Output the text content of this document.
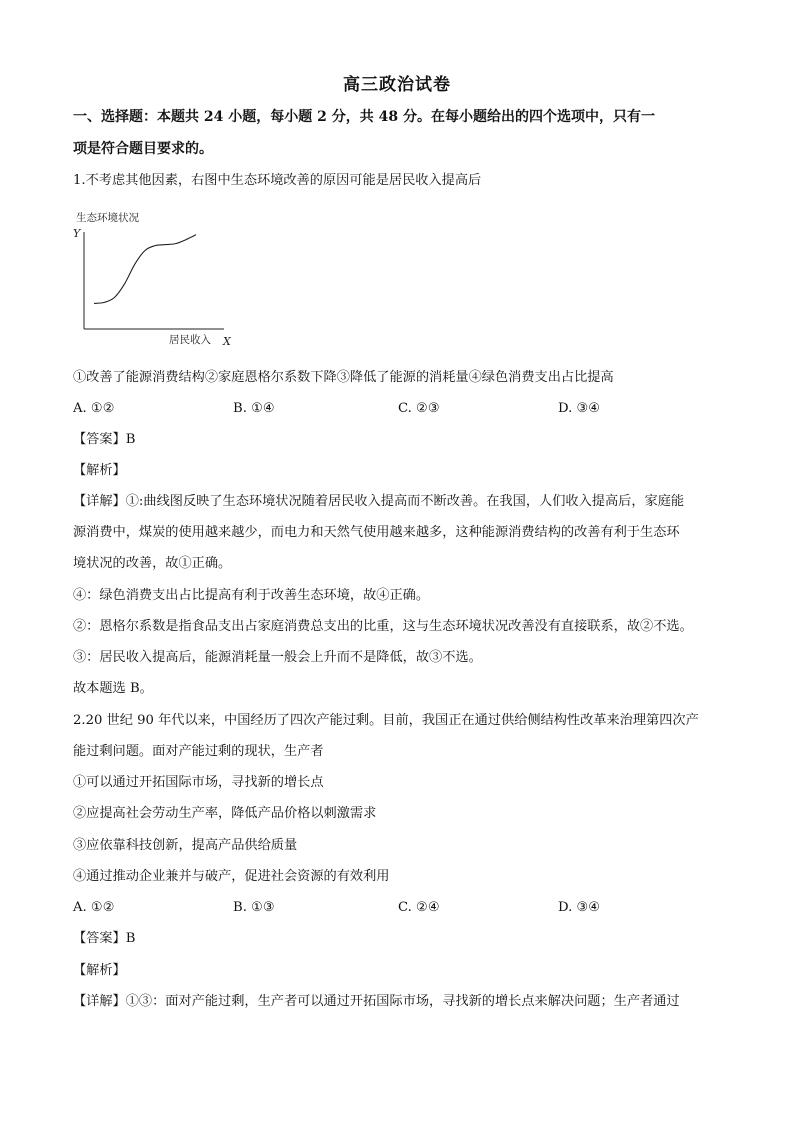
高三政治试卷
一、选择题：本题共 24 小题，每小题 2 分，共 48 分。在每小题给出的四个选项中，只有一
项是符合题目要求的。
1.不考虑其他因素，右图中生态环境改善的原因可能是居民收入提高后
生态环境状况
Y
居民收入 X
①改善了能源消费结构②家庭恩格尔系数下降③降低了能源的消耗量④绿色消费支出占比提高
A. ①②	B. ①④	C. ②③	D. ③④
【答案】B
【解析】
【详解】①:曲线图反映了生态环境状况随着居民收入提高而不断改善。在我国，人们收入提高后，家庭能
源消费中，煤炭的使用越来越少，而电力和天然气使用越来越多，这种能源消费结构的改善有利于生态环
境状况的改善，故①正确。
④：绿色消费支出占比提高有利于改善生态环境，故④正确。
②：恩格尔系数是指食品支出占家庭消费总支出的比重，这与生态环境状况改善没有直接联系，故②不选。
③：居民收入提高后，能源消耗量一般会上升而不是降低，故③不选。
故本题选 B。
2.20 世纪 90 年代以来，中国经历了四次产能过剩。目前，我国正在通过供给侧结构性改革来治理第四次产
能过剩问题。面对产能过剩的现状，生产者
①可以通过开拓国际市场，寻找新的增长点
②应提高社会劳动生产率，降低产品价格以刺激需求
③应依靠科技创新，提高产品供给质量
④通过推动企业兼并与破产，促进社会资源的有效利用
A. ①②	B. ①③	C. ②④	D. ③④
【答案】B
【解析】
【详解】①③：面对产能过剩，生产者可以通过开拓国际市场，寻找新的增长点来解决问题；生产者通过
